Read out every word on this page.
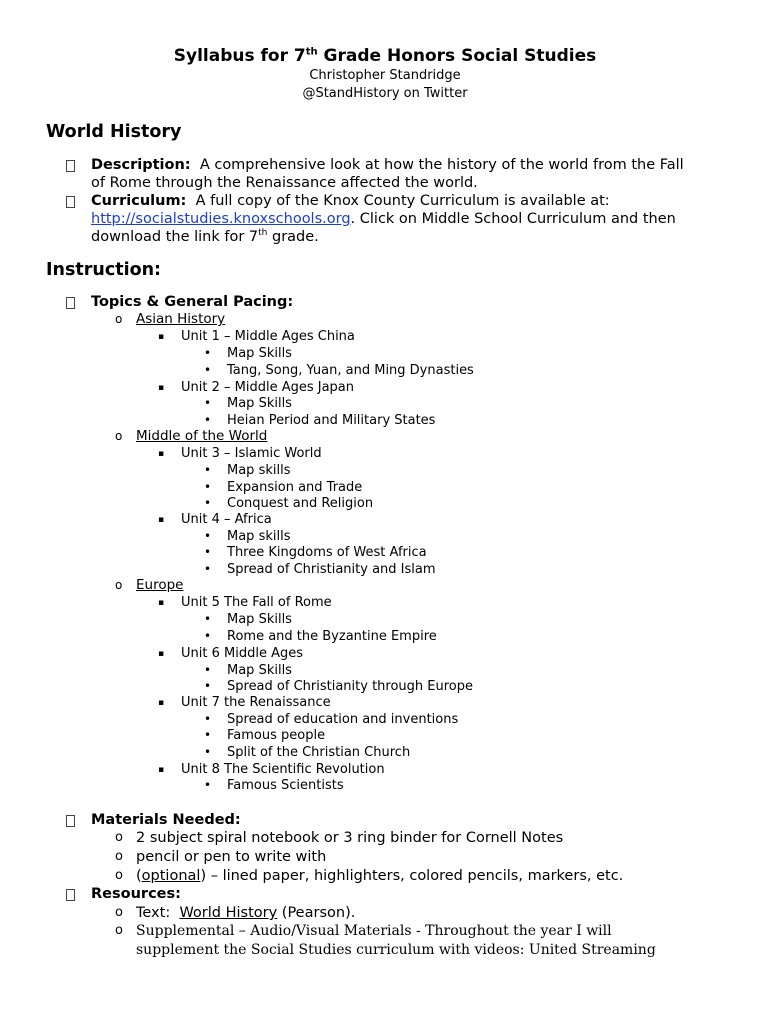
Syllabus for 7th Grade Honors Social Studies
Christopher Standridge
@StandHistory on Twitter
World History
Description: A comprehensive look at how the history of the world from the Fall
of Rome through the Renaissance affected the world.
Curriculum: A full copy of the Knox County Curriculum is available at:
http://socialstudies.knoxschools.org. Click on Middle School Curriculum and then
download the link for 7th grade.
Instruction:
Topics & General Pacing:
o Asian History
▪ Unit 1 – Middle Ages China
• Map Skills
• Tang, Song, Yuan, and Ming Dynasties
▪ Unit 2 – Middle Ages Japan
• Map Skills
• Heian Period and Military States
o Middle of the World
▪ Unit 3 – Islamic World
• Map skills
• Expansion and Trade
• Conquest and Religion
▪ Unit 4 – Africa
• Map skills
• Three Kingdoms of West Africa
• Spread of Christianity and Islam
o Europe
▪ Unit 5 The Fall of Rome
• Map Skills
• Rome and the Byzantine Empire
▪ Unit 6 Middle Ages
• Map Skills
• Spread of Christianity through Europe
▪ Unit 7 the Renaissance
• Spread of education and inventions
• Famous people
• Split of the Christian Church
▪ Unit 8 The Scientific Revolution
• Famous Scientists
Materials Needed:
o 2 subject spiral notebook or 3 ring binder for Cornell Notes
o pencil or pen to write with
o (optional) – lined paper, highlighters, colored pencils, markers, etc.
Resources:
o Text:  World History (Pearson).
o Supplemental – Audio/Visual Materials - Throughout the year I will
supplement the Social Studies curriculum with videos: United Streaming
